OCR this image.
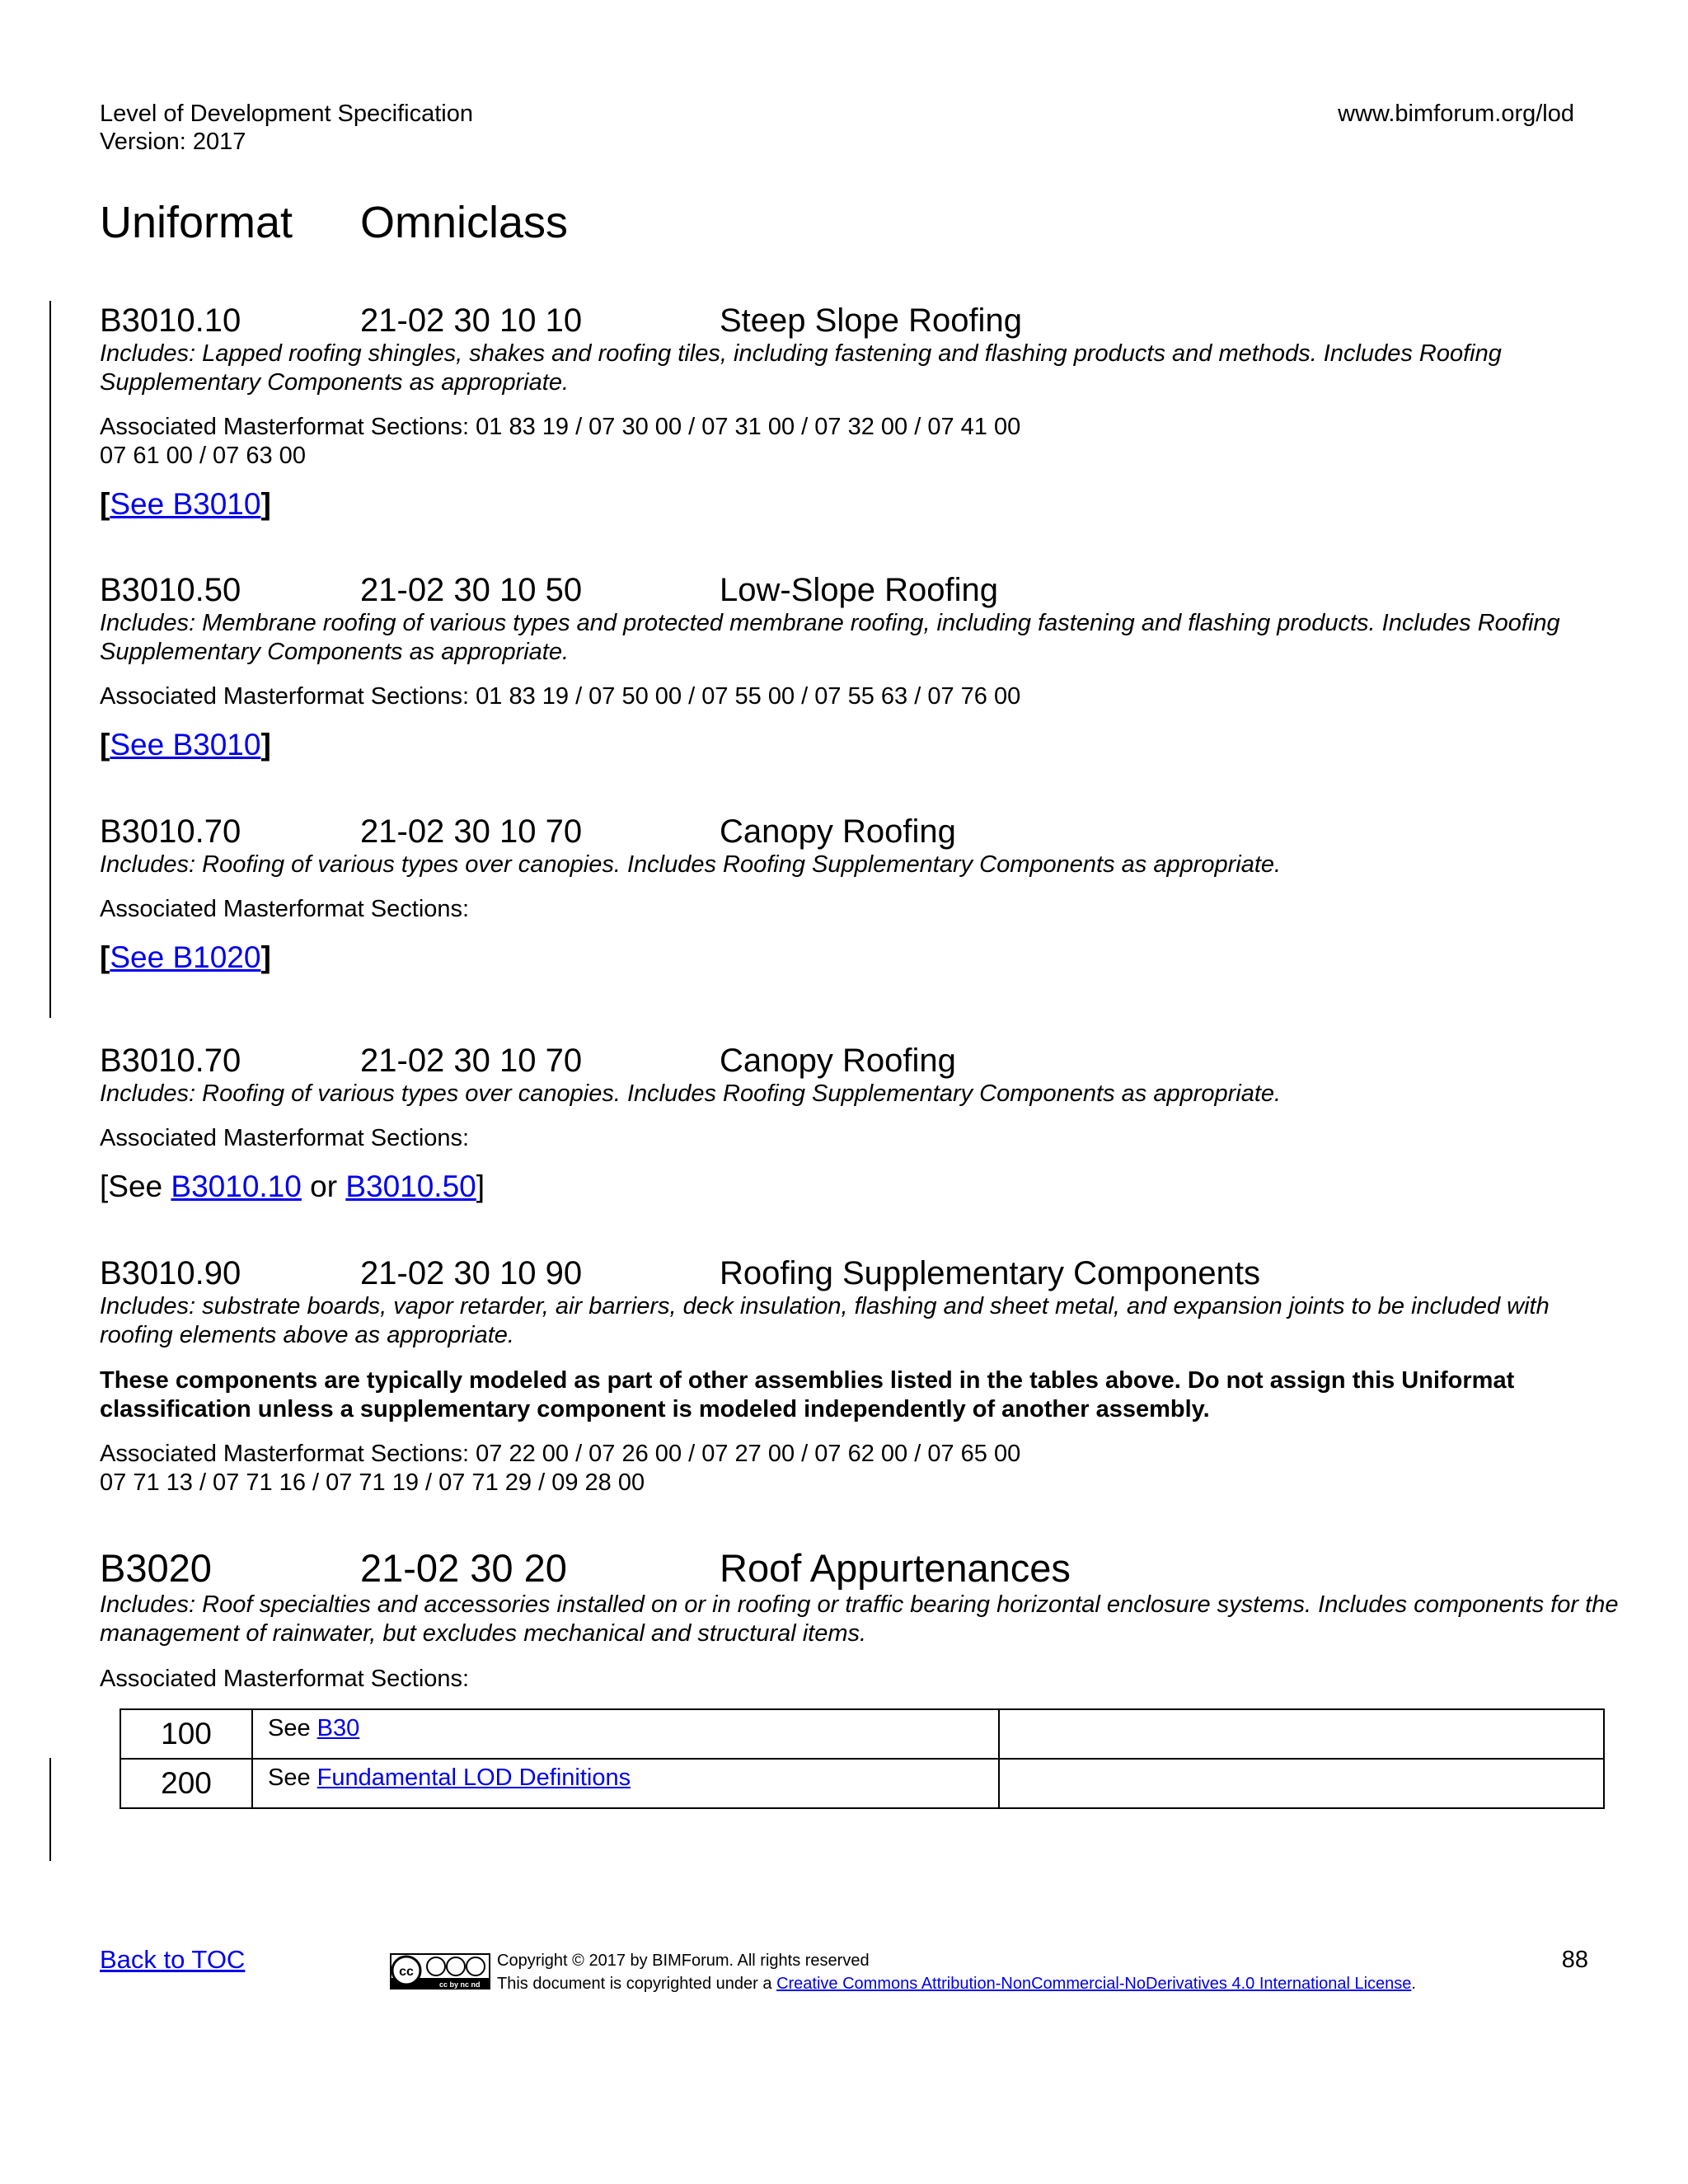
Level of Development Specification
Version: 2017
www.bimforum.org/lod
Uniformat Omniclass
B3010.10	21-02 30 10 10	Steep Slope Roofing
Includes: Lapped roofing shingles, shakes and roofing tiles, including fastening and flashing products and methods. Includes Roofing Supplementary Components as appropriate.
Associated Masterformat Sections: 01 83 19 / 07 30 00 / 07 31 00 / 07 32 00 / 07 41 00
07 61 00 / 07 63 00
[See B3010]
B3010.50	21-02 30 10 50	Low-Slope Roofing
Includes: Membrane roofing of various types and protected membrane roofing, including fastening and flashing products. Includes Roofing Supplementary Components as appropriate.
Associated Masterformat Sections: 01 83 19 / 07 50 00 / 07 55 00 / 07 55 63 / 07 76 00
[See B3010]
B3010.70	21-02 30 10 70	Canopy Roofing
Includes: Roofing of various types over canopies. Includes Roofing Supplementary Components as appropriate.
Associated Masterformat Sections:
[See B1020]
B3010.70	21-02 30 10 70	Canopy Roofing
Includes: Roofing of various types over canopies. Includes Roofing Supplementary Components as appropriate.
Associated Masterformat Sections:
[See B3010.10 or B3010.50]
B3010.90	21-02 30 10 90	Roofing Supplementary Components
Includes: substrate boards, vapor retarder, air barriers, deck insulation, flashing and sheet metal, and expansion joints to be included with roofing elements above as appropriate.
These components are typically modeled as part of other assemblies listed in the tables above. Do not assign this Uniformat classification unless a supplementary component is modeled independently of another assembly.
Associated Masterformat Sections: 07 22 00 / 07 26 00 / 07 27 00 / 07 62 00 / 07 65 00
07 71 13 / 07 71 16 / 07 71 19 / 07 71 29 / 09 28 00
B3020	21-02 30 20	Roof Appurtenances
Includes: Roof specialties and accessories installed on or in roofing or traffic bearing horizontal enclosure systems. Includes components for the management of rainwater, but excludes mechanical and structural items.
Associated Masterformat Sections:
100	See B30	
200	See Fundamental LOD Definitions	
Back to TOC	cc
cc by nc nd
Copyright © 2017 by BIMForum. All rights reserved
This document is copyrighted under a Creative Commons Attribution-NonCommercial-NoDerivatives 4.0 International License.
88
